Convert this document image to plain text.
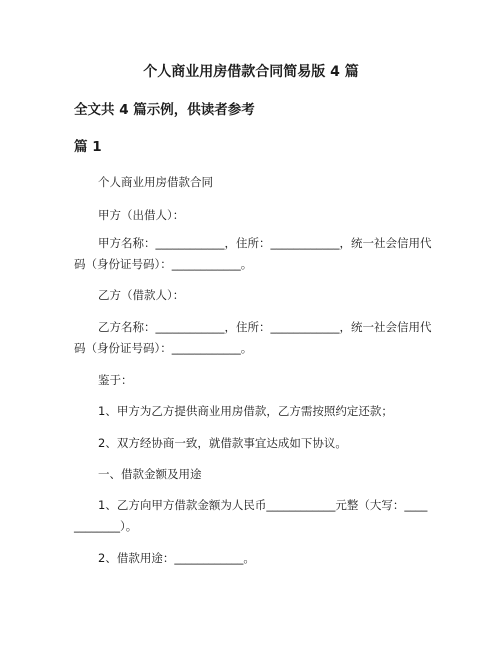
个人商业用房借款合同简易版 4 篇
全文共 4 篇示例，供读者参考
篇 1

个人商业用房借款合同

甲方（出借人）：

甲方名称：____________，住所：____________，统一社会信用代码（身份证号码）：____________。

乙方（借款人）：

乙方名称：____________，住所：____________，统一社会信用代码（身份证号码）：____________。

鉴于：

1、甲方为乙方提供商业用房借款，乙方需按照约定还款；

2、双方经协商一致，就借款事宜达成如下协议。

一、借款金额及用途

1、乙方向甲方借款金额为人民币____________元整（大写：____________）。

2、借款用途：____________。
